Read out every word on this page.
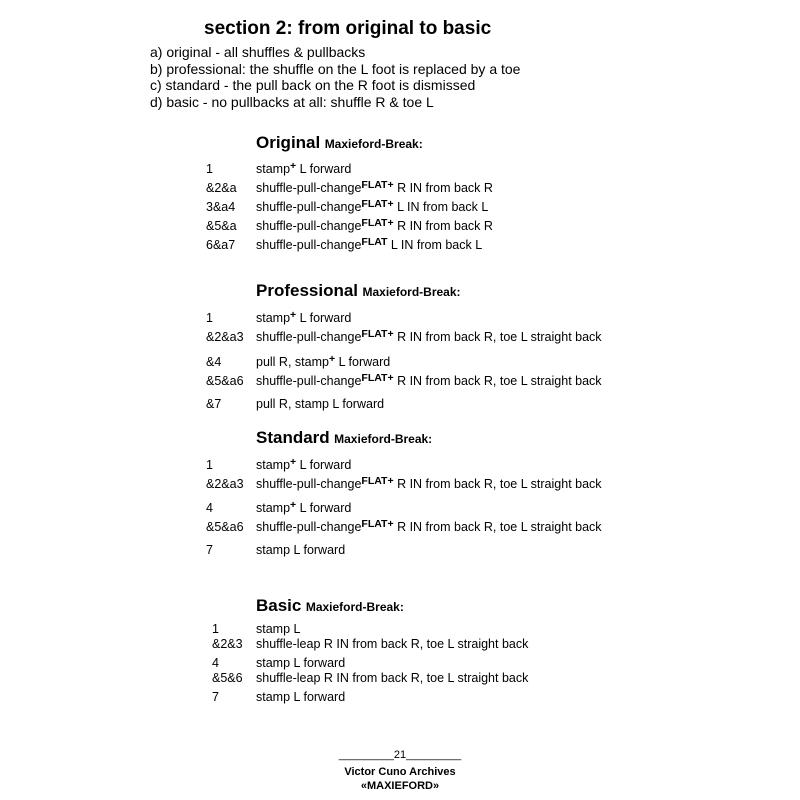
section 2: from original to basic
a) original - all shuffles & pullbacks
b) professional: the shuffle on the L foot is replaced by a toe
c) standard - the pull back on the R foot is dismissed
d) basic - no pullbacks at all: shuffle R & toe L
Original Maxieford-Break:
1	stamp+ L forward
&2&a shuffle-pull-change$^{FLAT+}$ R IN from back R
3&a4 shuffle-pull-change$^{FLAT+}$ L IN from back L
&5&a shuffle-pull-change$^{FLAT+}$ R IN from back R
6&a7 shuffle-pull-change$^{FLAT}$ L IN from back L
Professional Maxieford-Break:
1	stamp+ L forward
&2&a3 shuffle-pull-change$^{FLAT+}$ R IN from back R, toe L straight back
&4	pull R, stamp+ L forward
&5&a6 shuffle-pull-change$^{FLAT+}$ R IN from back R, toe L straight back
&7	pull R, stamp L forward
Standard Maxieford-Break:
1	stamp+ L forward
&2&a3 shuffle-pull-change$^{FLAT+}$ R IN from back R, toe L straight back
4	stamp+ L forward
&5&a6 shuffle-pull-change$^{FLAT+}$ R IN from back R, toe L straight back
7	stamp L forward
Basic Maxieford-Break:
1	stamp L
&2&3 shuffle-leap R IN from back R, toe L straight back
4	stamp L forward
&5&6 shuffle-leap R IN from back R, toe L straight back
7	stamp L forward
_________21_________
Victor Cuno Archives
«MAXIEFORD»
